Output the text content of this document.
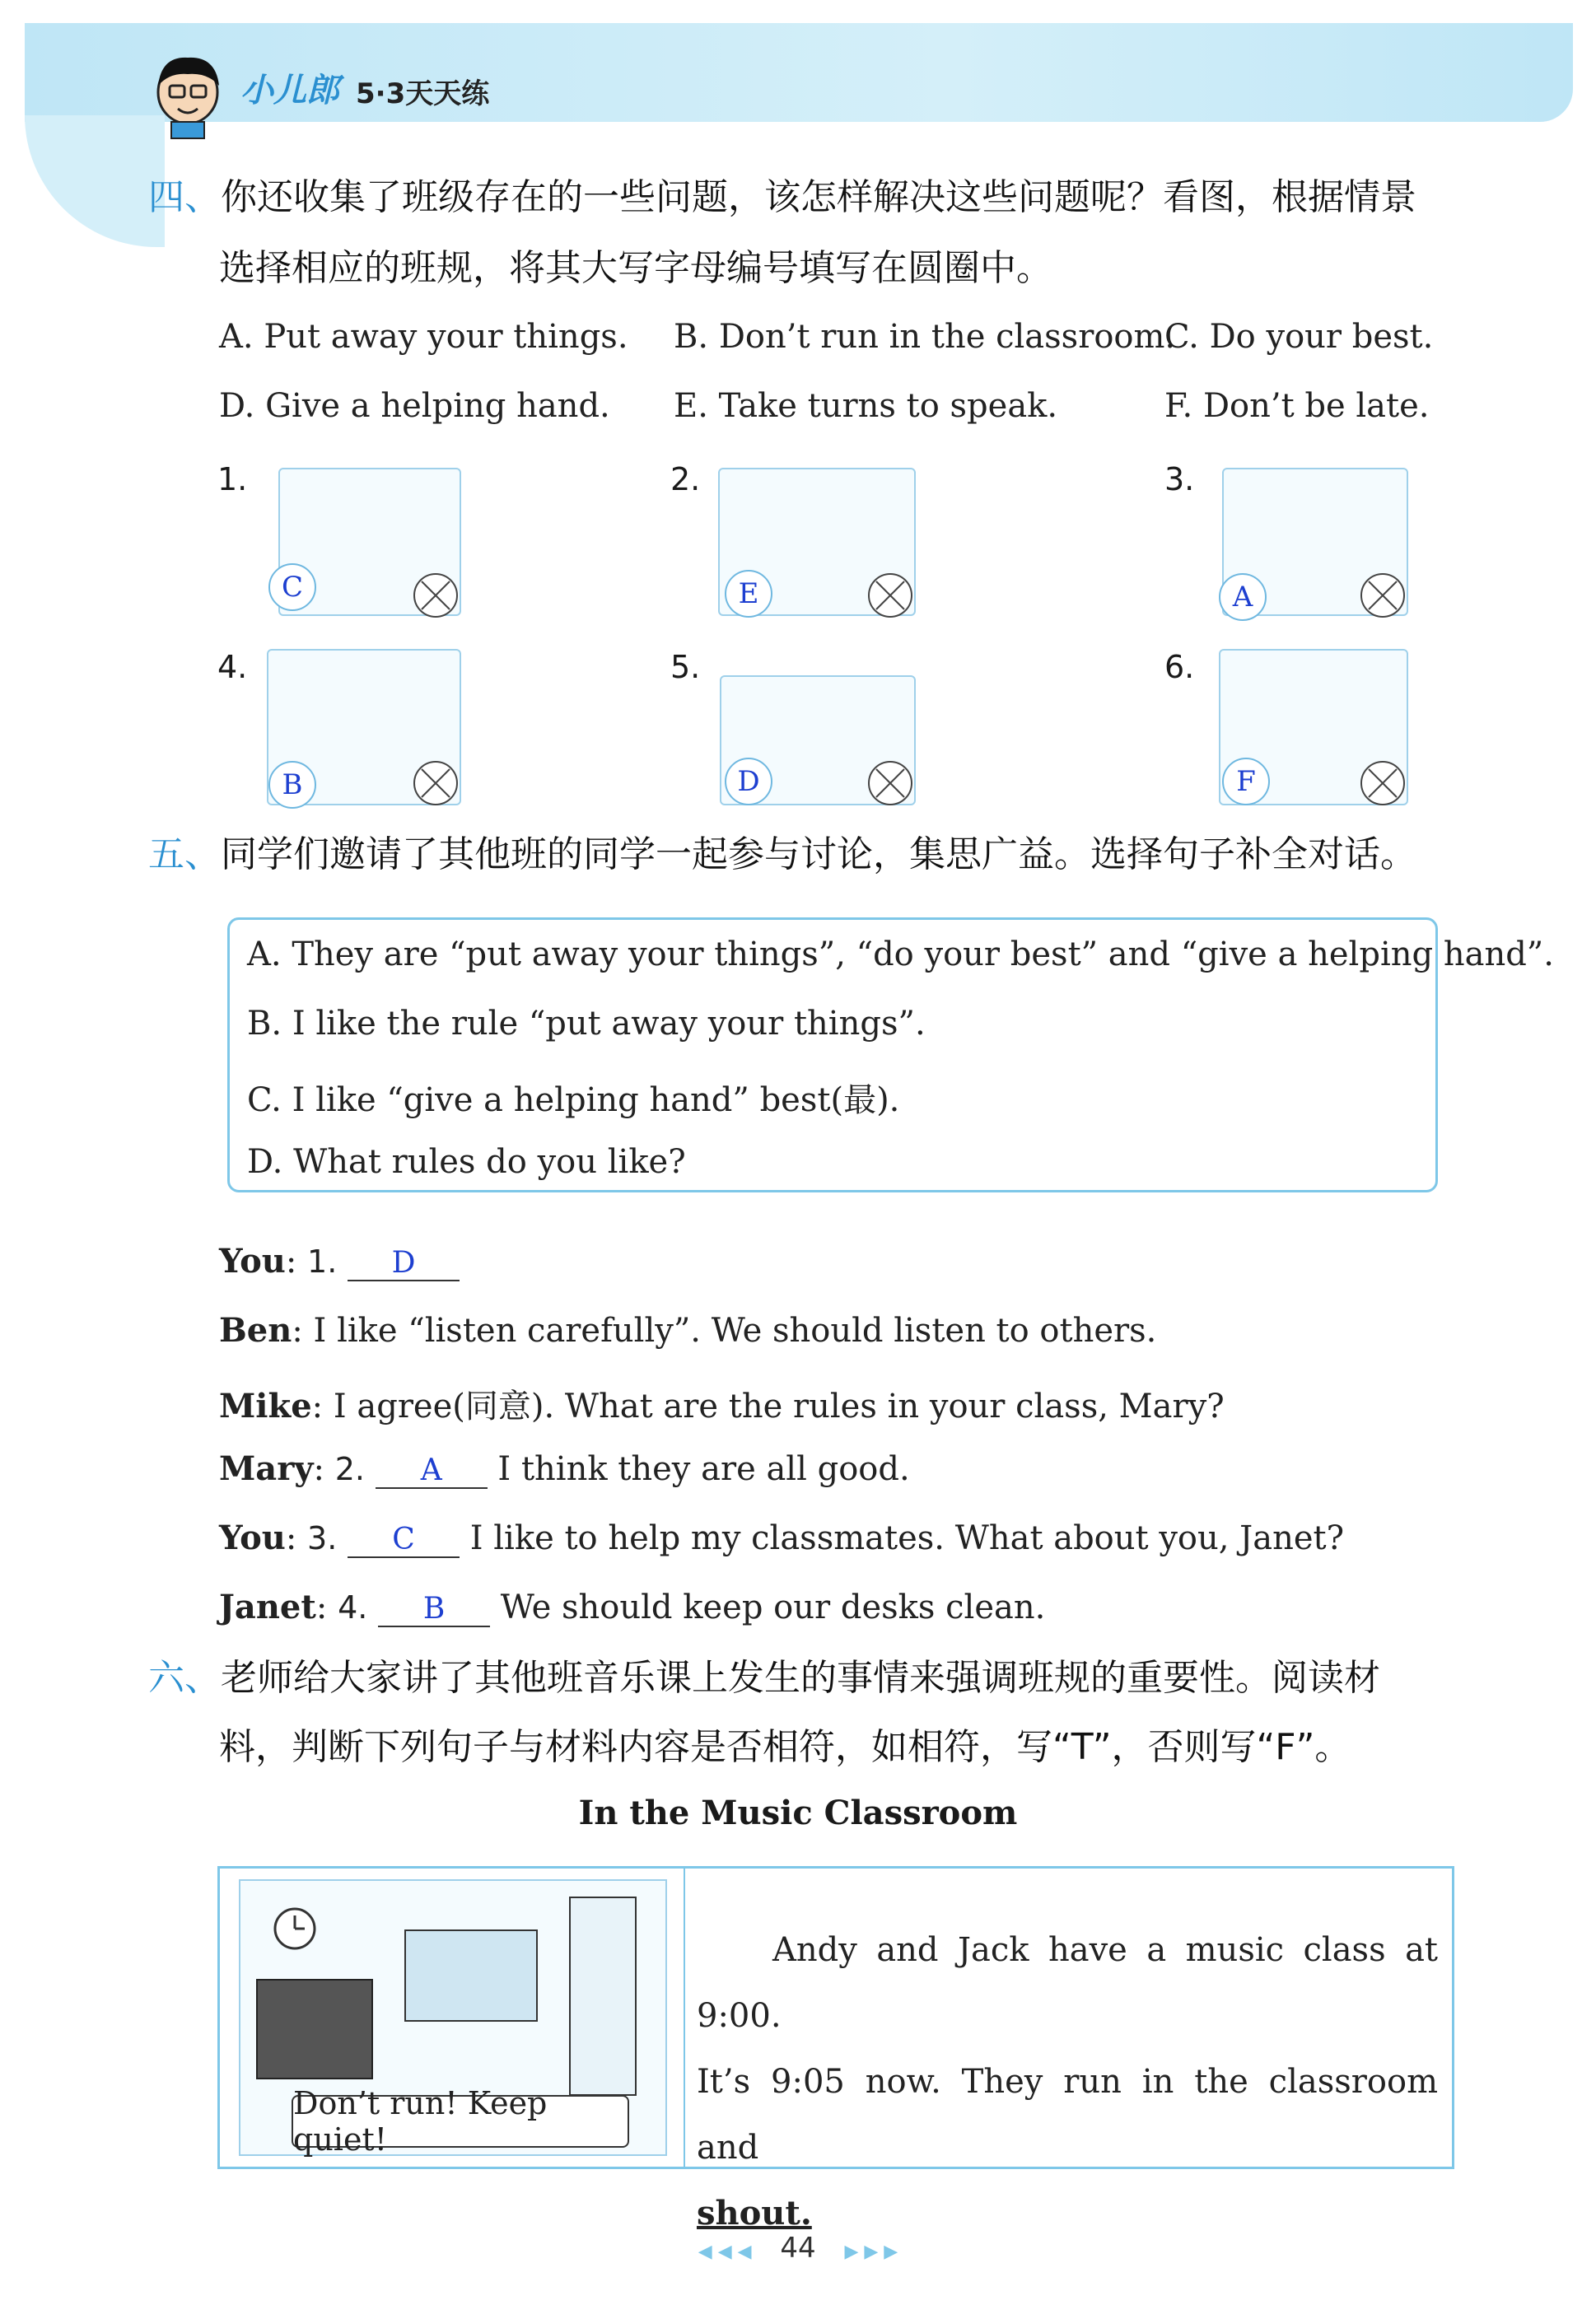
小儿郎 5·3天天练
四、你还收集了班级存在的一些问题，该怎样解决这些问题呢？看图，根据情景
选择相应的班规，将其大写字母编号填写在圆圈中。
A. Put away your things. B. Don’t run in the classroom.
C. Do your best.
D. Give a helping hand. E. Take turns to speak.	F. Don’t be late.
1.
C
2.
E
3.
A
4.
B
5.
D
6.
F
五、同学们邀请了其他班的同学一起参与讨论，集思广益。选择句子补全对话。
A. They are “put away your things”, “do your best” and “give a helping hand”.
B. I like the rule “put away your things”.
C. I like “give a helping hand” best(最).
D. What rules do you like?
You: 1. D
Ben: I like “listen carefully”. We should listen to others.
Mike: I agree(同意). What are the rules in your class, Mary?
Mary: 2. A I think they are all good.
You: 3. C I like to help my classmates. What about you, Janet?
Janet: 4. B We should keep our desks clean.
六、老师给大家讲了其他班音乐课上发生的事情来强调班规的重要性。阅读材
料，判断下列句子与材料内容是否相符，如相符，写“T”，否则写“F”。
In the Music Classroom
Don’t run! Keep quiet!
Andy and Jack have a music class at 9:00.
It’s 9:05 now. They run in the classroom and
shout.
◀ ◀ ◀ 44 ▶ ▶ ▶
